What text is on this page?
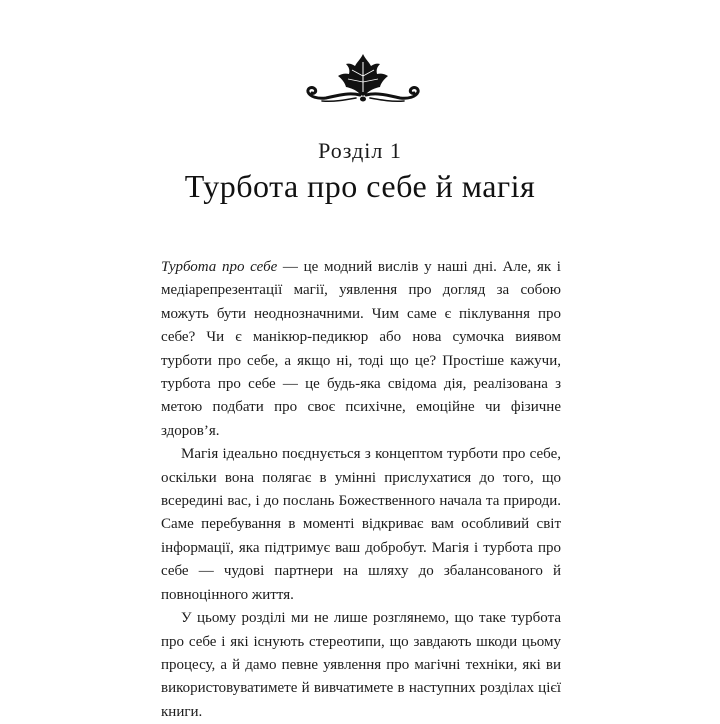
Розділ 1
Турбота про себе й магія

Турбота про себе — це модний вислів у наші дні. Але, як і медіарепрезентації магії, уявлення про догляд за собою можуть бути неоднозначними. Чим саме є піклування про себе? Чи є манікюр-педикюр або нова сумочка виявом турботи про себе, а якщо ні, тоді що це? Простіше кажучи, турбота про себе — це будь-яка свідома дія, реалізована з метою подбати про своє психічне, емоційне чи фізичне здоров’я.

Магія ідеально поєднується з концептом турботи про себе, оскільки вона полягає в умінні прислухатися до того, що всередині вас, і до послань Божественного начала та природи. Саме перебування в моменті відкриває вам особливий світ інформації, яка підтримує ваш добробут. Магія і турбота про себе — чудові партнери на шляху до збалансованого й повноцінного життя.

У цьому розділі ми не лише розглянемо, що таке турбота про себе і які існують стереотипи, що завдають шкоди цьому процесу, а й дамо певне уявлення про магічні техніки, які ви використовуватимете й вивчатимете в наступних розділах цієї книги.
